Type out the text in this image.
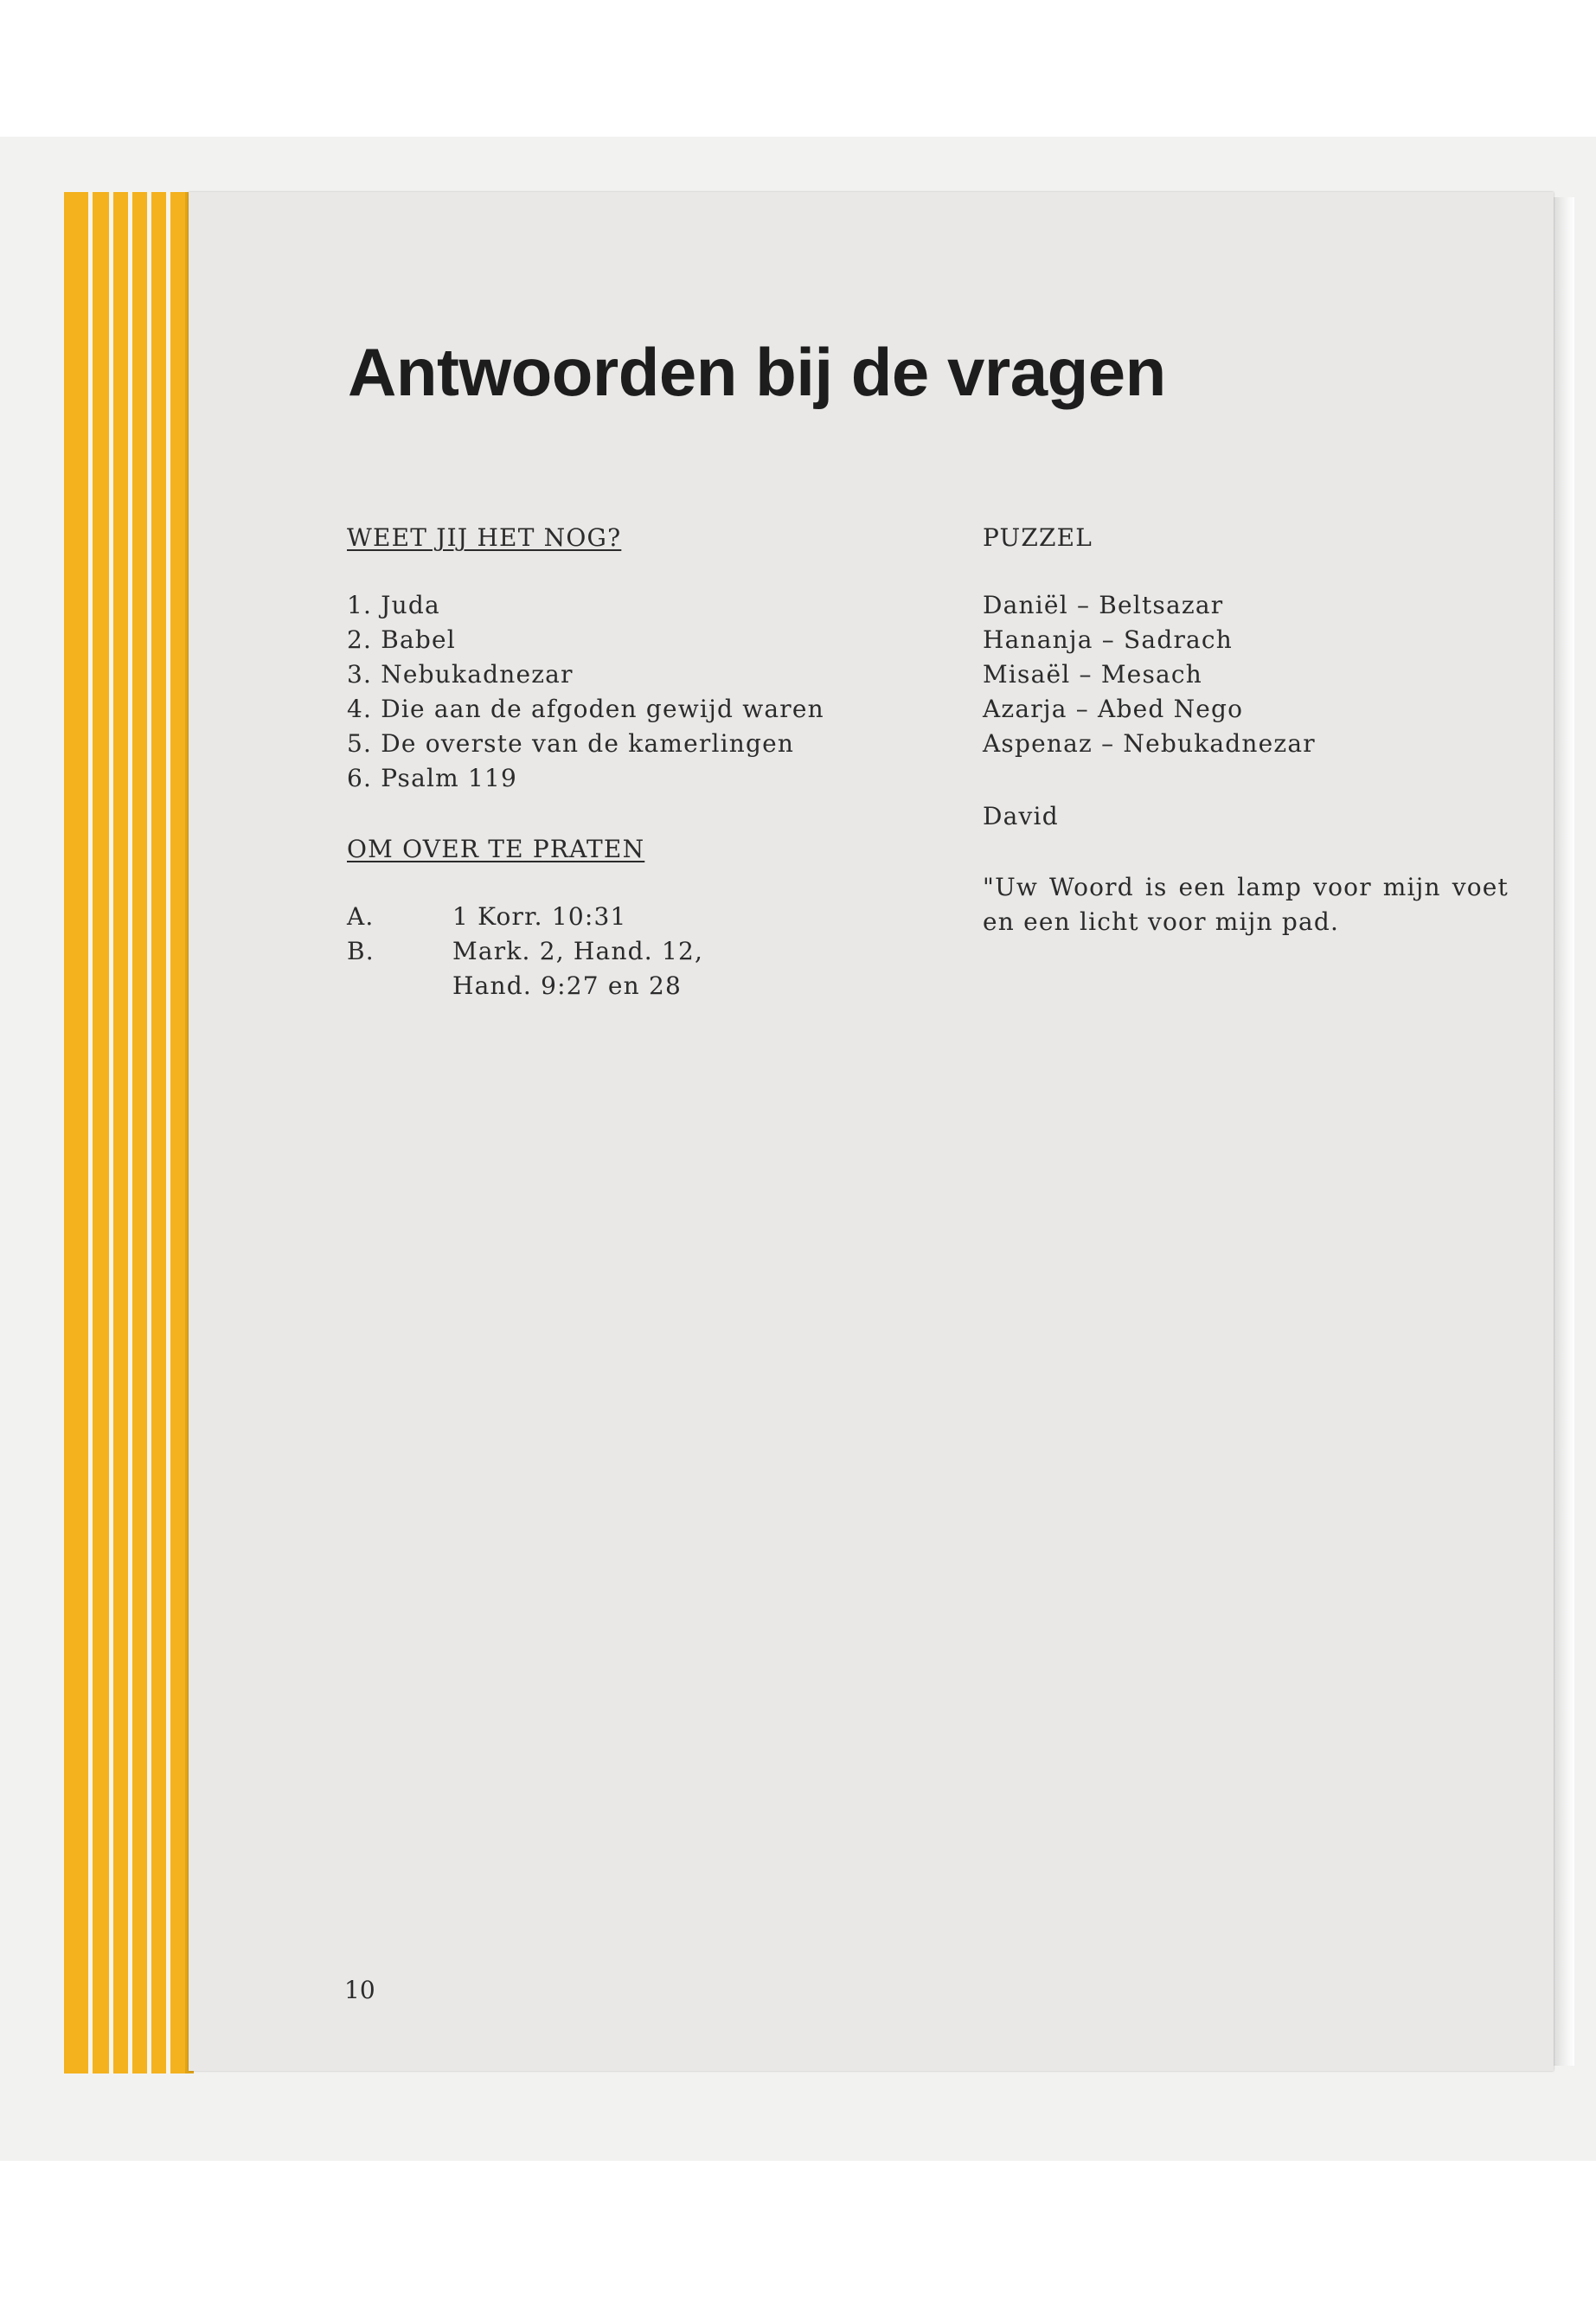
Antwoorden bij de vragen
WEET JIJ HET NOG?
1. Juda
2. Babel
3. Nebukadnezar
4. Die aan de afgoden gewijd waren
5. De overste van de kamerlingen
6. Psalm 119
OM OVER TE PRATEN
A.	1 Korr. 10:31
B.	Mark. 2, Hand. 12,
Hand. 9:27 en 28
PUZZEL
Daniël – Beltsazar
Hananja – Sadrach
Misaël – Mesach
Azarja – Abed Nego
Aspenaz – Nebukadnezar
David

"Uw Woord is een lamp voor mijn voet en een licht voor mijn pad.

10
